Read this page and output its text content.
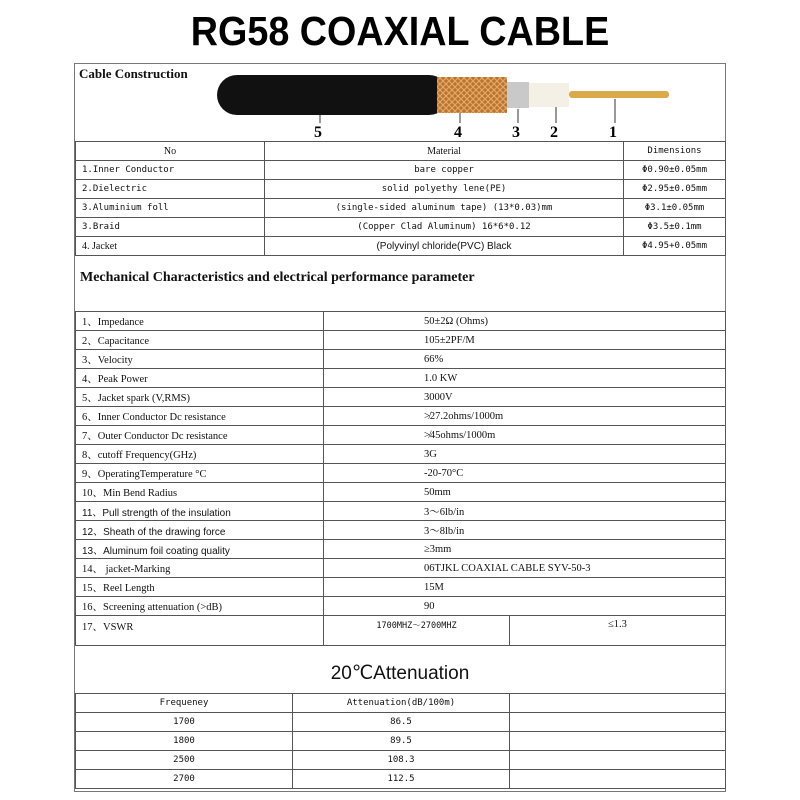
RG58 COAXIAL CABLE
Cable Construction
5	4	3 2	1
No	Material	Dimensions
1.Inner Conductor	bare copper	Φ0.90±0.05mm
2.Dielectric	solid polyethy lene(PE)	Φ2.95±0.05mm
3.Aluminium foll	(single-sided aluminum tape) (13*0.03)mm	Φ3.1±0.05mm
3.Braid	(Copper Clad Aluminum) 16*6*0.12	Φ3.5±0.1mm
4. Jacket	(Polyvinyl chloride(PVC) Black	Φ4.95+0.05mm
Mechanical Characteristics and electrical performance parameter
1、Impedance	50±2Ω (Ohms)	
2、Capacitance	105±2PF/M	
3、Velocity	66%	
4、Peak Power	1.0 KW	
5、Jacket spark (V,RMS)	3000V	
6、Inner Conductor Dc resistance	≯27.2ohms/1000m	
7、Outer Conductor Dc resistance	≯45ohms/1000m	
8、cutoff Frequency(GHz)	3G	
9、OperatingTemperature °C	-20-70°C	
10、Min Bend Radius	50mm	
11、Pull strength of the insulation	3～6lb/in	
12、Sheath of the drawing force	3～8lb/in	
13、Aluminum foil coating quality	≥3mm	
14、 jacket-Marking	06TJKL COAXIAL CABLE SYV-50-3	
15、Reel Length	15M	
16、Screening attenuation (>dB)	90	
17、VSWR	1700MHZ～2700MHZ	≤1.3
20℃Attenuation
Frequeney	Attenuation(dB/100m)	
1700	86.5	
1800	89.5	
2500	108.3	
2700	112.5	
